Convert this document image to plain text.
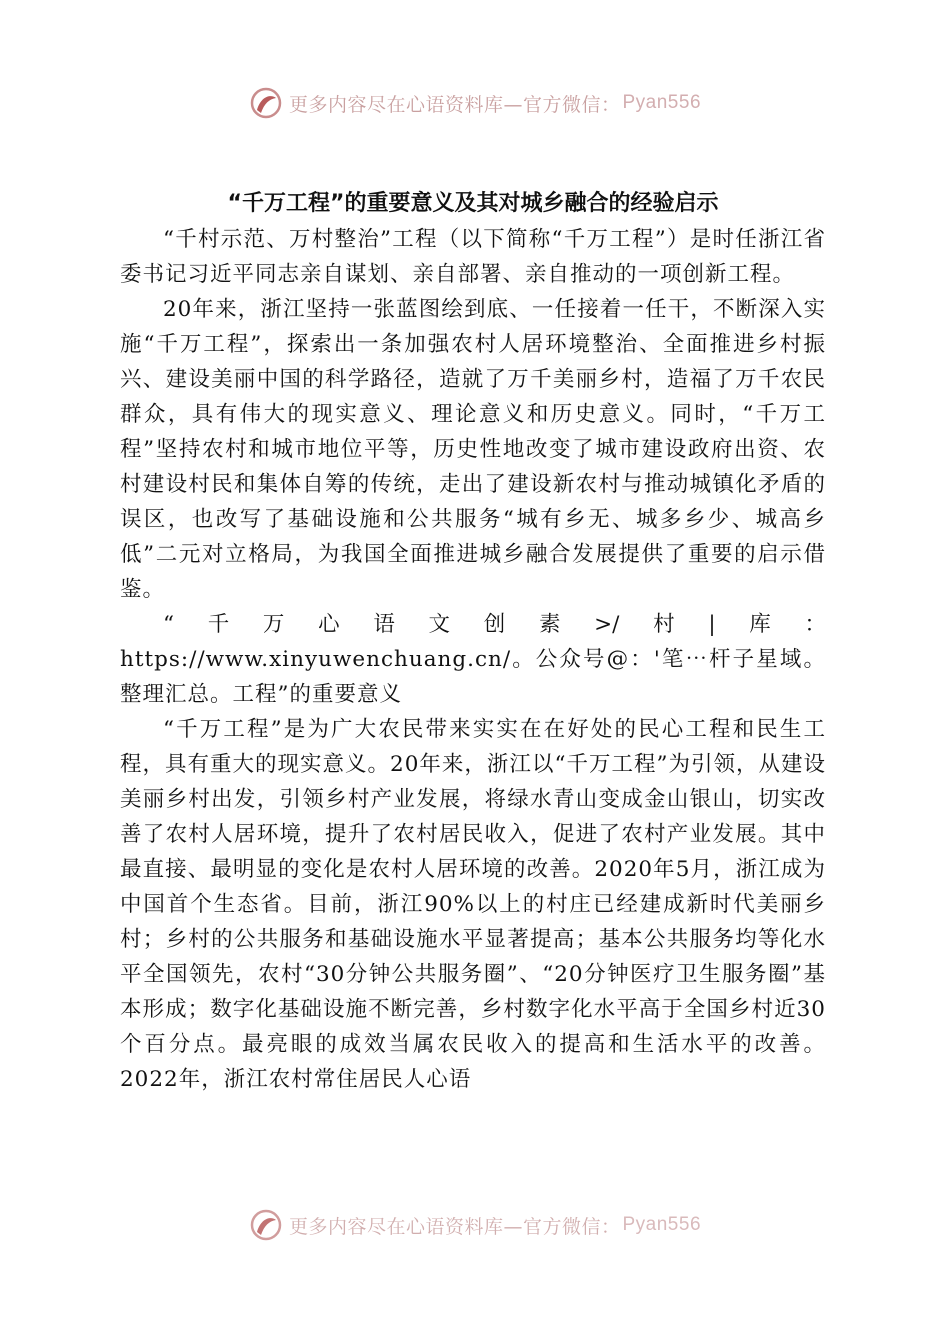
更多内容尽在心语资料库—官方微信： Pyan556
“千万工程”的重要意义及其对城乡融合的经验启示

“千村示范、万村整治”工程（以下简称“千万工程”）是时任浙江省委书记习近平同志亲自谋划、亲自部署、亲自推动的一项创新工程。

20年来，浙江坚持一张蓝图绘到底、一任接着一任干，不断深入实施“千万工程”，探索出一条加强农村人居环境整治、全面推进乡村振兴、建设美丽中国的科学路径，造就了万千美丽乡村，造福了万千农民群众，具有伟大的现实意义、理论意义和历史意义。同时，“千万工程”坚持农村和城市地位平等，历史性地改变了城市建设政府出资、农村建设村民和集体自筹的传统，走出了建设新农村与推动城镇化矛盾的误区，也改写了基础设施和公共服务“城有乡无、城多乡少、城高乡低”二元对立格局，为我国全面推进城乡融合发展提供了重要的启示借鉴。

“千万心语文创素>/村|库：

https://www.xinyuwenchuang.cn/。公众号@：'笔⋯杆子星域。整理汇总。工程”的重要意义

“千万工程”是为广大农民带来实实在在好处的民心工程和民生工程，具有重大的现实意义。20年来，浙江以“千万工程”为引领，从建设美丽乡村出发，引领乡村产业发展，将绿水青山变成金山银山，切实改善了农村人居环境，提升了农村居民收入，促进了农村产业发展。其中最直接、最明显的变化是农村人居环境的改善。2020年5月，浙江成为中国首个生态省。目前，浙江90%以上的村庄已经建成新时代美丽乡村；乡村的公共服务和基础设施水平显著提高；基本公共服务均等化水平全国领先，农村“30分钟公共服务圈”、“20分钟医疗卫生服务圈”基本形成；数字化基础设施不断完善，乡村数字化水平高于全国乡村近30个百分点。最亮眼的成效当属农民收入的提高和生活水平的改善。2022年，浙江农村常住居民人心语

更多内容尽在心语资料库—官方微信： Pyan556
